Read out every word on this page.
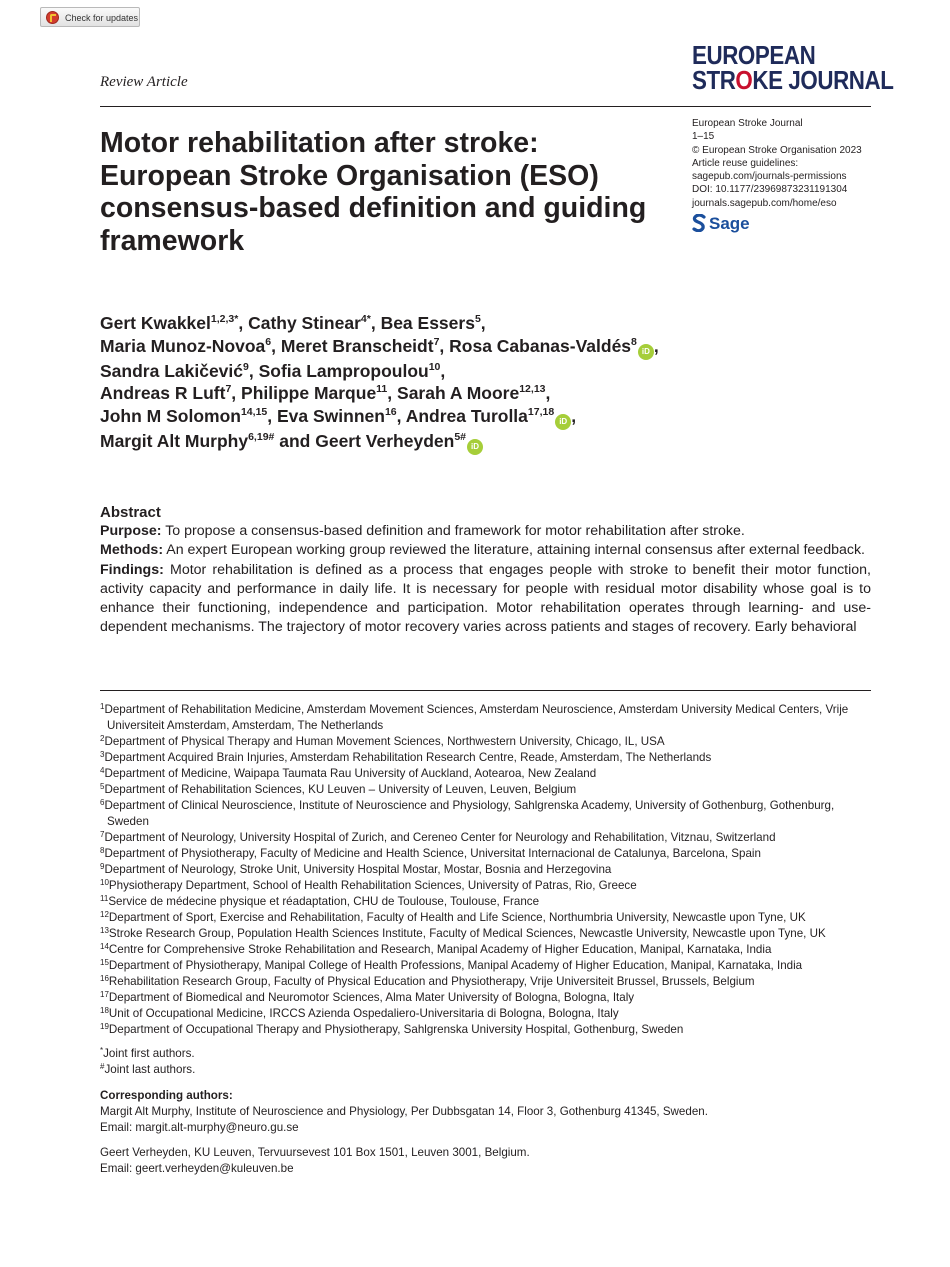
Check for updates
Review Article
EUROPEAN
STROKE JOURNAL
European Stroke Journal
1–15
© European Stroke Organisation 2023
Article reuse guidelines:
sagepub.com/journals-permissions
DOI: 10.1177/23969873231191304
journals.sagepub.com/home/eso
Sage
Motor rehabilitation after stroke: European Stroke Organisation (ESO) consensus-based definition and guiding framework
Gert Kwakkel$^{1,2,3*}$, Cathy Stinear$^{4*}$, Bea Essers$^5$,
Maria Munoz-Novoa$^6$, Meret Branscheidt$^7$, Rosa Cabanas-Valdés$^8$iD ,
Sandra Lakičević$^9$, Sofia Lampropoulou$^{10}$,
Andreas R Luft$^7$, Philippe Marque$^{11}$, Sarah A Moore$^{12,13}$,
John M Solomon$^{14,15}$, Eva Swinnen$^{16}$, Andrea Turolla$^{17,18}$iD ,
Margit Alt Murphy$^{6,19\#}$ and Geert Verheyden$^{5\#}$iD
Abstract

Purpose: To propose a consensus-based definition and framework for motor rehabilitation after stroke.

Methods: An expert European working group reviewed the literature, attaining internal consensus after external feedback.

Findings: Motor rehabilitation is defined as a process that engages people with stroke to benefit their motor function, activity capacity and performance in daily life. It is necessary for people with residual motor disability whose goal is to enhance their functioning, independence and participation. Motor rehabilitation operates through learning- and use-dependent mechanisms. The trajectory of motor recovery varies across patients and stages of recovery. Early behavioral

$^1$Department of Rehabilitation Medicine, Amsterdam Movement Sciences, Amsterdam Neuroscience, Amsterdam University Medical Centers, Vrije Universiteit Amsterdam, Amsterdam, The Netherlands
$^2$Department of Physical Therapy and Human Movement Sciences, Northwestern University, Chicago, IL, USA
$^3$Department Acquired Brain Injuries, Amsterdam Rehabilitation Research Centre, Reade, Amsterdam, The Netherlands
$^4$Department of Medicine, Waipapa Taumata Rau University of Auckland, Aotearoa, New Zealand
$^5$Department of Rehabilitation Sciences, KU Leuven – University of Leuven, Leuven, Belgium
$^6$Department of Clinical Neuroscience, Institute of Neuroscience and Physiology, Sahlgrenska Academy, University of Gothenburg, Gothenburg, Sweden
$^7$Department of Neurology, University Hospital of Zurich, and Cereneo Center for Neurology and Rehabilitation, Vitznau, Switzerland
$^8$Department of Physiotherapy, Faculty of Medicine and Health Science, Universitat Internacional de Catalunya, Barcelona, Spain
$^9$Department of Neurology, Stroke Unit, University Hospital Mostar, Mostar, Bosnia and Herzegovina
$^{10}$Physiotherapy Department, School of Health Rehabilitation Sciences, University of Patras, Rio, Greece
$^{11}$Service de médecine physique et réadaptation, CHU de Toulouse, Toulouse, France
$^{12}$Department of Sport, Exercise and Rehabilitation, Faculty of Health and Life Science, Northumbria University, Newcastle upon Tyne, UK
$^{13}$Stroke Research Group, Population Health Sciences Institute, Faculty of Medical Sciences, Newcastle University, Newcastle upon Tyne, UK
$^{14}$Centre for Comprehensive Stroke Rehabilitation and Research, Manipal Academy of Higher Education, Manipal, Karnataka, India
$^{15}$Department of Physiotherapy, Manipal College of Health Professions, Manipal Academy of Higher Education, Manipal, Karnataka, India
$^{16}$Rehabilitation Research Group, Faculty of Physical Education and Physiotherapy, Vrije Universiteit Brussel, Brussels, Belgium
$^{17}$Department of Biomedical and Neuromotor Sciences, Alma Mater University of Bologna, Bologna, Italy
$^{18}$Unit of Occupational Medicine, IRCCS Azienda Ospedaliero-Universitaria di Bologna, Bologna, Italy
$^{19}$Department of Occupational Therapy and Physiotherapy, Sahlgrenska University Hospital, Gothenburg, Sweden
*Joint first authors.
#Joint last authors.
Corresponding authors:
Margit Alt Murphy, Institute of Neuroscience and Physiology, Per Dubbsgatan 14, Floor 3, Gothenburg 41345, Sweden.
Email: margit.alt-murphy@neuro.gu.se
Geert Verheyden, KU Leuven, Tervuursevest 101 Box 1501, Leuven 3001, Belgium.
Email: geert.verheyden@kuleuven.be
